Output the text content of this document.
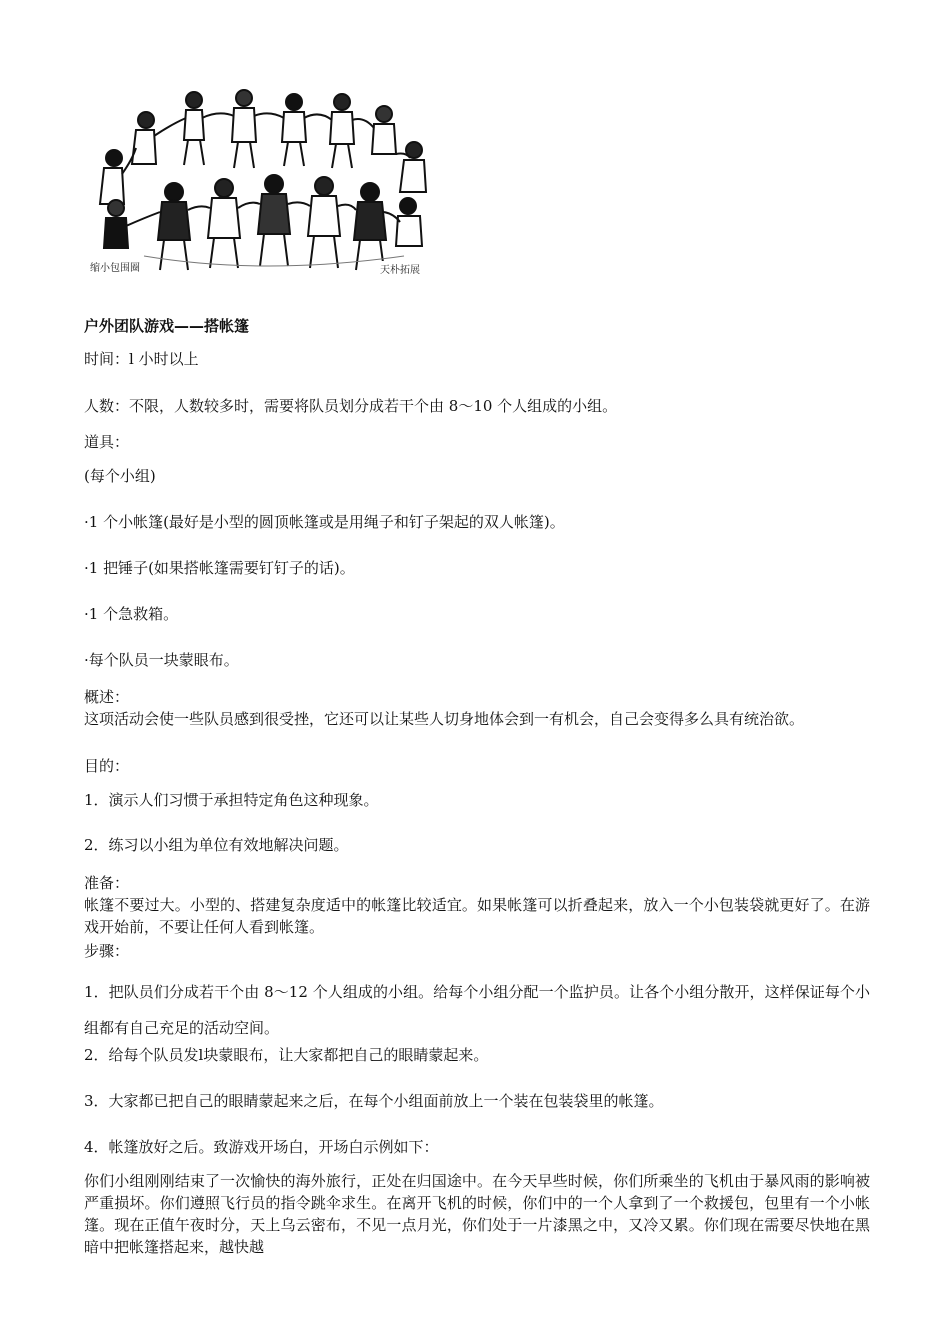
缩小包围圈	天朴拓展
户外团队游戏——搭帐篷
时间：l 小时以上
人数：不限，人数较多时，需要将队员划分成若干个由 8～10 个人组成的小组。
道具：
(每个小组)
·1 个小帐篷(最好是小型的圆顶帐篷或是用绳子和钉子架起的双人帐篷)。
·1 把锤子(如果搭帐篷需要钉钉子的话)。
·1 个急救箱。
·每个队员一块蒙眼布。
概述：
这项活动会使一些队员感到很受挫，它还可以让某些人切身地体会到一有机会，自己会变得多么具有统治欲。
目的：
1．演示人们习惯于承担特定角色这种现象。
2．练习以小组为单位有效地解决问题。
准备：
帐篷不要过大。小型的、搭建复杂度适中的帐篷比较适宜。如果帐篷可以折叠起来，放入一个小包装袋就更好了。在游戏开始前，不要让任何人看到帐篷。
步骤：
1．把队员们分成若干个由 8～12 个人组成的小组。给每个小组分配一个监护员。让各个小组分散开，这样保证每个小组都有自己充足的活动空间。
2．给每个队员发l块蒙眼布，让大家都把自己的眼睛蒙起来。
3．大家都已把自己的眼睛蒙起来之后，在每个小组面前放上一个装在包装袋里的帐篷。
4．帐篷放好之后。致游戏开场白，开场白示例如下：
你们小组刚刚结束了一次愉快的海外旅行，正处在归国途中。在今天早些时候，你们所乘坐的飞机由于暴风雨的影响被严重损坏。你们遵照飞行员的指令跳伞求生。在离开飞机的时候，你们中的一个人拿到了一个救援包，包里有一个小帐篷。现在正值午夜时分，天上乌云密布，不见一点月光，你们处于一片漆黑之中，又冷又累。你们现在需要尽快地在黑暗中把帐篷搭起来，越快越
